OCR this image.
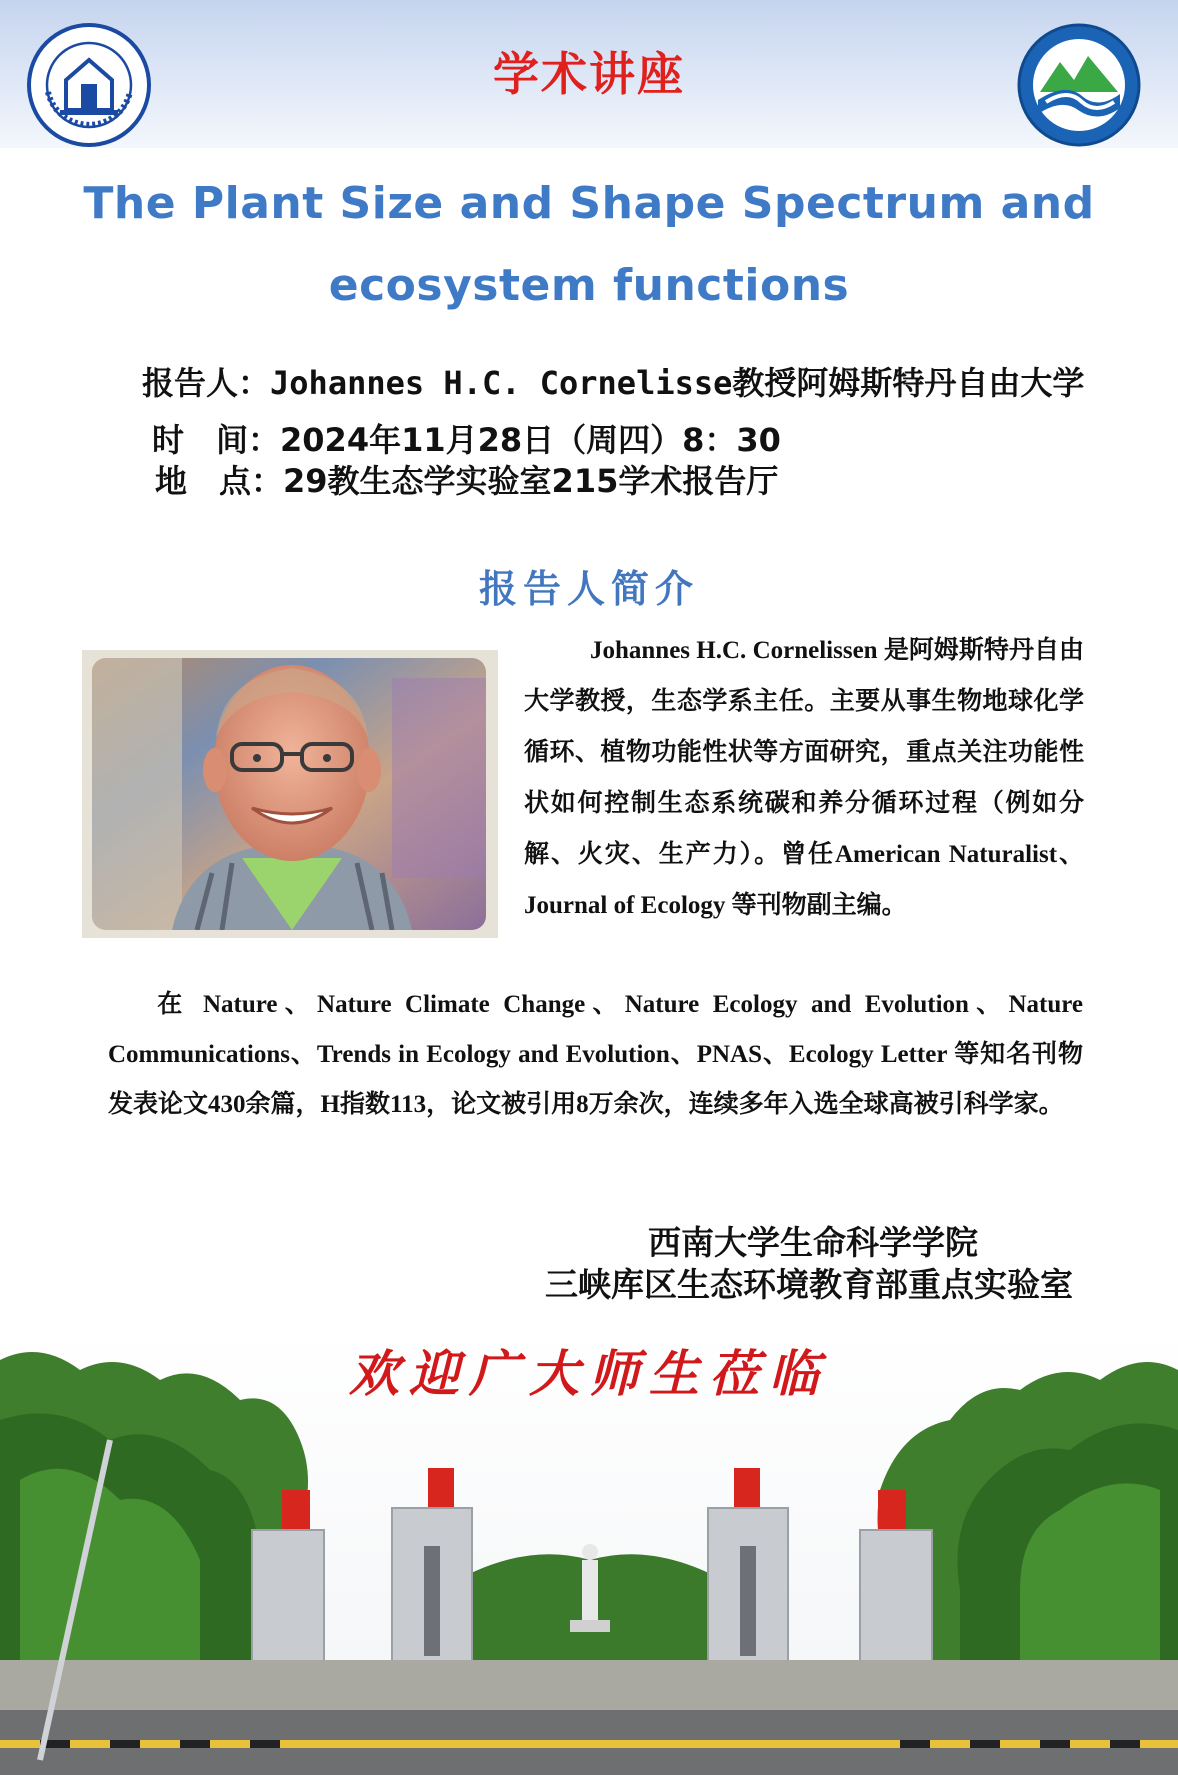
学术讲座
The Plant Size and Shape Spectrum and
ecosystem functions
报告人：Johannes H.C. Cornelisse教授阿姆斯特丹自由大学
时　间：2024年11月28日（周四）8：30
地　点：29教生态学实验室215学术报告厅
报告人简介
Johannes H.C. Cornelissen 是阿姆斯特丹自由大学教授，生态学系主任。主要从事生物地球化学循环、植物功能性状等方面研究，重点关注功能性状如何控制生态系统碳和养分循环过程（例如分解、火灾、生产力）。曾任American Naturalist、 Journal of Ecology 等刊物副主编。
在 Nature、Nature Climate Change、Nature Ecology and Evolution、Nature Communications、Trends in Ecology and Evolution、PNAS、Ecology Letter 等知名刊物发表论文430余篇，H指数113，论文被引用8万余次，连续多年入选全球高被引科学家。
西南大学生命科学学院
三峡库区生态环境教育部重点实验室
欢迎广大师生莅临
